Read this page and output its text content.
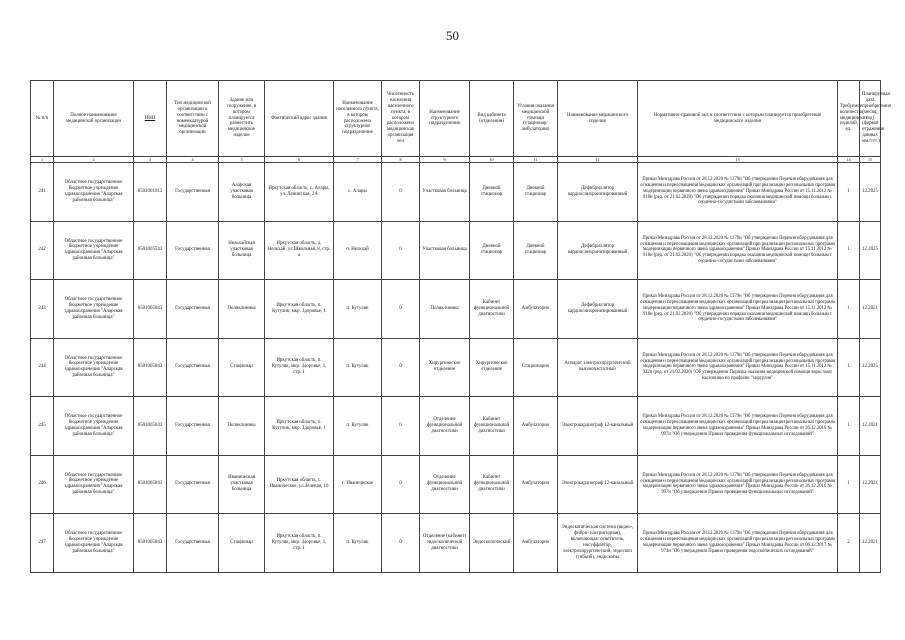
50
№ п/п	Полное наименование медицинской организации	ИНН	Тип медицинской организации в соответствии с номенклатурой медицинской организации	Здание или сооружение, в котором планируется разместить медицинское изделие	Фактический адрес здания	Наименование населенного пункта, в котором расположено структурное подразделение	Численность населения населенного пункта, в котором расположено медицинская организация чел	Наименование структурного подразделения	Вид кабинета (отделения)	Условия оказания медицинской помощи (стационар/амбулатория)	Наименование медицинского изделия	Нормативно-правовой акт, в соответствии с которым планируется приобретение медицинского изделия	Требуемое количество медицинских изделий, ед.	Планируемая дата приобретения (месяц, год) (формат отражения данных мм.гггг.)
1	2	3	4	5	6	7	8	9	10	11	12	13	14	15
241	Областное государственное бюджетное учреждение здравоохранения "Аларская районная больница"	8501001013	Государственная	Аларская участковая больница	Иркутская область, с. Алары, ул. Ленинская, 2А	с. Алары	0	Участковая больница	Дневной стационар	Дневной стационар	Дефибриллятор кардиосинхронизированный	Приказ Минздрава России от 28.12.2020 № 1379н "Об утверждении Перечня оборудования для оснащения и переоснащения медицинских организаций при реализации региональных программ модернизации первичного звена здравоохранения" Приказ Минздрава России от 15.11.2012 № 918н (ред. от 21.02.2020) "Об утверждении порядка оказания медицинской помощи больным с сердечно-сосудистыми заболеваниями"	1	12.2025
242	Областное государственное бюджетное учреждение здравоохранения "Аларская районная больница"	8501005543	Государственная	Нельхайская участковая больница	Иркутская область, д. Нельхай, ул.Школьная, 8, стр. а	п. Нельхай	0	Участковая больница	Дневной стационар	Дневной стационар	Дефибриллятор кардиосинхронизированный	Приказ Минздрава России от 28.12.2020 № 1379н "Об утверждении Перечня оборудования для оснащения и переоснащения медицинских организаций при реализации региональных программ модернизации первичного звена здравоохранения" Приказ Минздрава России от 15.11.2012 № 918н (ред. от 21.02.2020) "Об утверждении порядка оказания медицинской помощи больным с сердечно-сосудистыми заболеваниями"	1	12.2025
243	Областное государственное бюджетное учреждение здравоохранения "Аларская районная больница"	8501005043	Государственная	Поликлиника	Иркутская область, п. Кутулик, мкр. Здоровье, 1	п. Кутулик	0	Поликлиника	Кабинет функциональной диагностики	Амбулаторно	Дефибриллятор кардиосинхронизированный	Приказ Минздрава России от 28.12.2020 № 1379н "Об утверждении Перечня оборудования для оснащения и переоснащения медицинских организаций при реализации региональных программ модернизации первичного звена здравоохранения" Приказ Минздрава России от 15.11.2012 № 918н (ред. от 21.02.2020) "Об утверждении порядка оказания медицинской помощи больным с сердечно-сосудистыми заболеваниями"	1	12.2021
244	Областное государственное бюджетное учреждение здравоохранения "Аларская районная больница"	8501005043	Государственная	Стационар	Иркутская область, п. Кутулик, мкр. Здоровье, 1, стр. 1	п. Кутулик	0	Хирургическое отделение	Хирургическое отделение	Стационарно	Аппарат электрохирургический высокочастотный	Приказ Минздрава России от 28.12.2020 № 1379н "Об утверждении Перечня оборудования для оснащения и переоснащения медицинских организаций при реализации региональных программ модернизации первичного звена здравоохранения" Приказ Минздрава России от 15.11.2012 № 922н (ред. от 21.02.2020) "Об утверждении Порядка оказания медицинской помощи взрослому населению по профилю "хирургия"	1	12.2025
245	Областное государственное бюджетное учреждение здравоохранения "Аларская районная больница"	8501005043	Государственная	Поликлиника	Иркутская область, п. Кутулик, мкр. Здоровье, 1	п. Кутулик	0	Отделение функциональной диагностики	Кабинет функциональной диагностики	Амбулаторно	Электрокардиограф 12-канальный	Приказ Минздрава России от 28.12.2020 № 1379н "Об утверждении Перечня оборудования для оснащения и переоснащения медицинских организаций при реализации региональных программ модернизации первичного звена здравоохранения" Приказ Минздрава России от 26.12.2016 № 997н "Об утверждении Правил проведения функциональных исследований"	1	12.2021
246	Областное государственное бюджетное учреждение здравоохранения "Аларская районная больница"	8501005043	Государственная	Иваническая участковая больница	Иркутская область, с. Иваническое, ул.Зеленая, 16	с. Иваническое	0	Отделение функциональной диагностики	Кабинет функциональной диагностики	Амбулаторно	Электрокардиограф 12-канальный	Приказ Минздрава России от 28.12.2020 № 1379н "Об утверждении Перечня оборудования для оснащения и переоснащения медицинских организаций при реализации региональных программ модернизации первичного звена здравоохранения" Приказ Минздрава России от 26.12.2016 № 997н "Об утверждении Правил проведения функциональных исследований"	1	12.2021
247	Областное государственное бюджетное учреждение здравоохранения "Аларская районная больница"	8501005043	Государственная	Стационар	Иркутская область, п. Кутулик, мкр. Здоровье, 1, стр. 1	п. Кутулик	0	Отделение (кабинет) эндоскопической диагностики	Эндоскопический	Амбулаторно	Эндоскопическая система (видео-, фибро- или ригидная), включающая: осветитель, инсуффлятор, электрохирургический, эндоскоп (гибкий), эндоскопы	Приказ Минздрава России от 28.12.2020 № 1379н "Об утверждении Перечня оборудования для оснащения и переоснащения медицинских организаций при реализации региональных программ модернизации первичного звена здравоохранения" Приказ Минздрава России от 06.12.2017 № 974н "Об утверждении Правил проведения эндоскопических исследований"	2	12.2021
